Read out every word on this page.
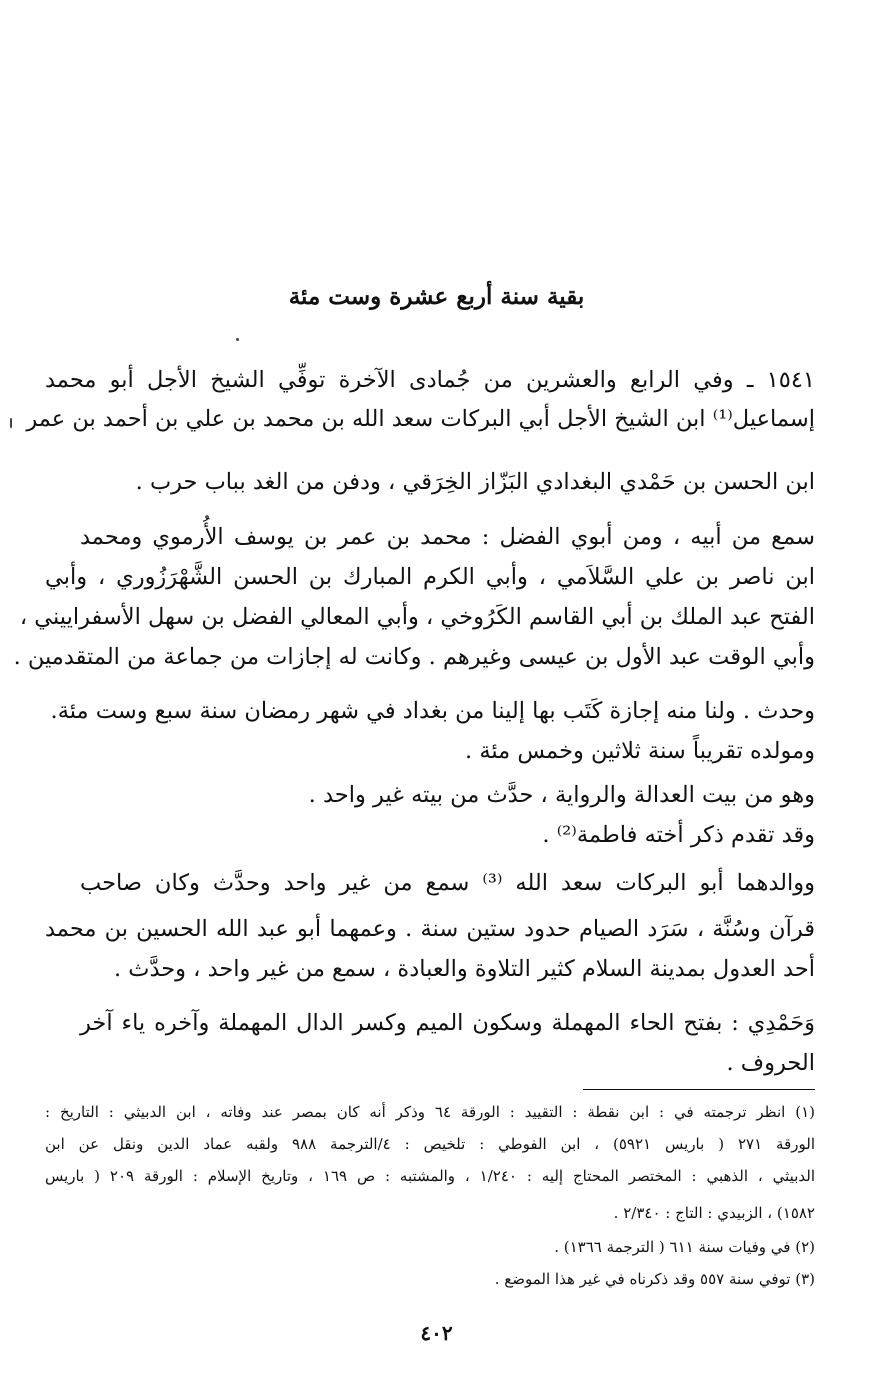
بقية سنة أربع عشرة وست مئة
١٥٤١ ـ وفي الرابع والعشرين من جُمادى الآخرة توفِّي الشيخ الأجل أبو محمد
إسماعيل⁽¹⁾ ابن الشيخ الأجل أبي البركات سعد الله بن محمد بن علي بن أحمد بن عمر
ابن الحسن بن حَمْدي البغدادي البَزّاز الخِرَقي ، ودفن من الغد بباب حرب .
سمع من أبيه ، ومن أبوي الفضل : محمد بن عمر بن يوسف الأُرموي ومحمد
ابن ناصر بن علي السَّلاَمي ، وأبي الكرم المبارك بن الحسن الشَّهْرَزُوري ، وأبي
الفتح عبد الملك بن أبي القاسم الكَرُوخي ، وأبي المعالي الفضل بن سهل الأسفراييني ،
وأبي الوقت عبد الأول بن عيسى وغيرهم . وكانت له إجازات من جماعة من المتقدمين .
وحدث . ولنا منه إجازة كَتَب بها إلينا من بغداد في شهر رمضان سنة سبع وست مئة.
ومولده تقريباً سنة ثلاثين وخمس مئة .
وهو من بيت العدالة والرواية ، حدَّث من بيته غير واحد .
وقد تقدم ذكر أخته فاطمة⁽²⁾ .
ووالدهما أبو البركات سعد الله ⁽³⁾ سمع من غير واحد وحدَّث وكان صاحب
قرآن وسُنَّة ، سَرَد الصيام حدود ستين سنة . وعمهما أبو عبد الله الحسين بن محمد
أحد العدول بمدينة السلام كثير التلاوة والعبادة ، سمع من غير واحد ، وحدَّث .
وَحَمْدِي : بفتح الحاء المهملة وسكون الميم وكسر الدال المهملة وآخره ياء آخر
الحروف .
(١) انظر ترجمته في : ابن نقطة : التقييد : الورقة ٦٤ وذكر أنه كان بمصر عند وفاته ، ابن الدبيثي : التاريخ :
الورقة ٢٧١ ( باريس ٥٩٢١) ، ابن الفوطي : تلخيص : ٤/الترجمة ٩٨٨ ولقبه عماد الدين ونقل عن ابن
الدبيثي ، الذهبي : المختصر المحتاج إليه : ١/٢٤٠ ، والمشتبه : ص ١٦٩ ، وتاريخ الإسلام : الورقة ٢٠٩ ( باريس
١٥٨٢) ، الزبيدي : التاج : ٢/٣٤٠ .
(٢) في وفيات سنة ٦١١ ( الترجمة ١٣٦٦) .
(٣) توفي سنة ٥٥٧ وقد ذكرناه في غير هذا الموضع .
٤٠٢
